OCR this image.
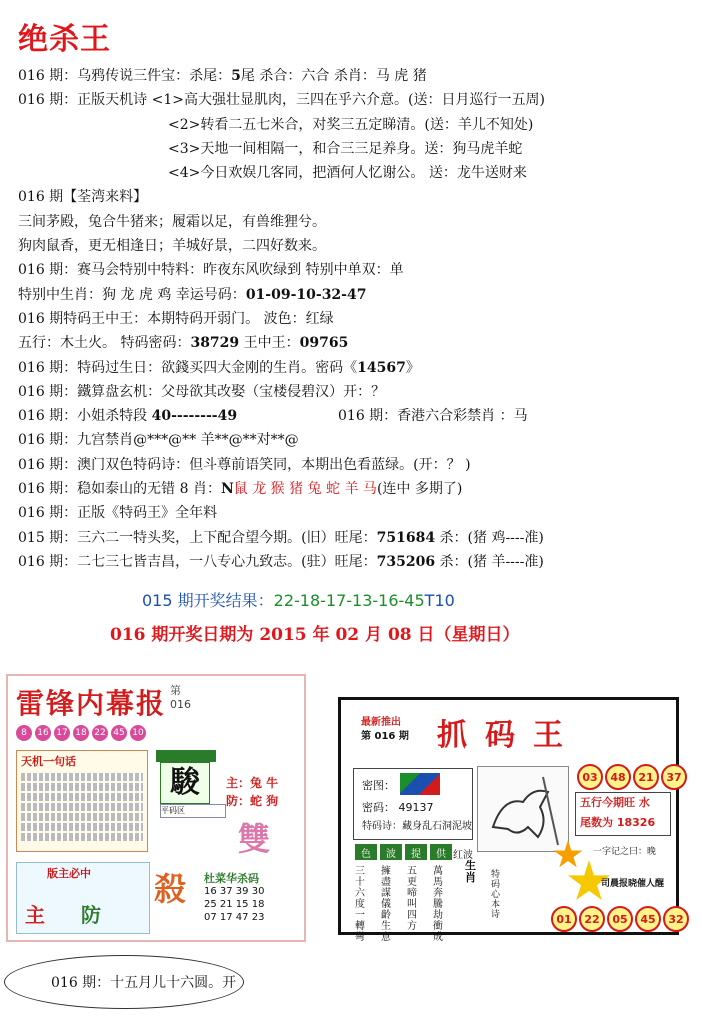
绝杀王
016 期：乌鸦传说三件宝：杀尾：5尾 杀合：六合 杀肖：马 虎 猪
016 期：正版天机诗 <1>高大强壮显肌肉，三四在乎六介意。(送：日月巡行一五周)
<2>转看二五七米合，对奖三五定睇清。(送：羊儿不知处)
<3>天地一间相隔一，和合三三足养身。送：狗马虎羊蛇
<4>今日欢娱几客同，把酒何人忆谢公。 送：龙牛送财来
016 期【荃湾来料】
三间茅殿，兔合牛猪来；履霜以足，有兽维狸兮。
狗肉鼠香，更无相逢日；羊城好景，二四好数来。
016 期：赛马会特别中特料：昨夜东风吹绿到 特别中单双：单
特别中生肖：狗 龙 虎 鸡 幸运号码：01-09-10-32-47
016 期特码王中王：本期特码开弱门。 波色：红绿
五行：木土火。 特码密码：38729 王中王：09765
016 期：特码过生日：欲錢买四大金刚的生肖。密码《14567》
016 期：鐵算盘玄机：父母欲其改娶（宝楼侵碧汉）开：？
016 期：小姐杀特段 40--------49	016 期：香港六合彩禁肖 ：马
016 期：九宫禁肖@***@** 羊**@**对**@
016 期：澳门双色特码诗：但斗尊前语笑同，本期出色看蓝绿。(开：？ )
016 期：稳如泰山的无错 8 肖：N鼠 龙 猴 猪 兔 蛇 羊 马(连中 多期了)
016 期：正版《特码王》全年料
015 期：三六二一特头奖，上下配合望今期。(旧）旺尾：751684 杀：(猪 鸡----准)
016 期：二七三七皆吉昌，一八专心九致志。(驻）旺尾：735206 杀：(猪 羊----准)
015 期开奖结果：22-18-17-13-16-45T10
016 期开奖日期为 2015 年 02 月 08 日（星期日）
雷锋内幕报 第
016
8	16 17 18 22 45 10
天机一句话
駿	主：兔 牛
防：蛇 狗
平码区
雙
版主必中
主 防
殺 杜菜华杀码
16 37 39 30
25 21 15 18
07 17 47 23
最新推出
第 016 期 抓码王
密图：
密码： 49137
特码诗：藏身乱石洞泥坡
03	48	21	37
五行今期旺 水
尾数为 18326
色	波	提	供 红波
三十六度一轉彎
擁盡謀儀齡生意
五更啼叫四方
萬馬奔騰劫衝成
生肖 特码心本诗
一字记之曰：晚
司晨报晓催人醒
01	22	05	45	32
016 期：十五月儿十六圆。开
